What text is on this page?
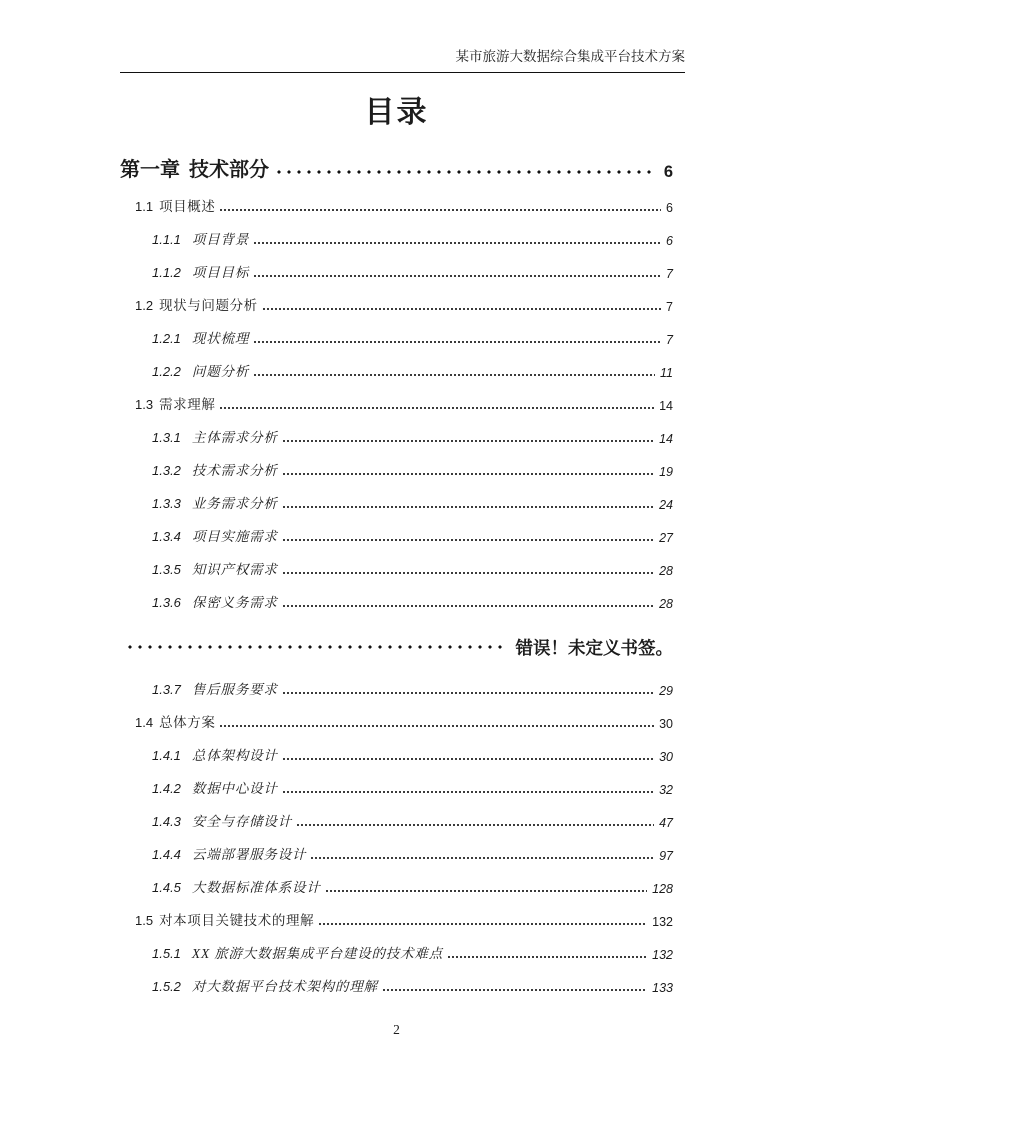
某市旅游大数据综合集成平台技术方案
目录
第一章 技术部分	6
1.1 项目概述	6
1.1.1 项目背景	6
1.1.2 项目目标	7
1.2 现状与问题分析	7
1.2.1 现状梳理	7
1.2.2 问题分析	11
1.3 需求理解	14
1.3.1 主体需求分析	14
1.3.2 技术需求分析	19
1.3.3 业务需求分析	24
1.3.4 项目实施需求	27
1.3.5 知识产权需求	28
1.3.6 保密义务需求	28
错误！未定义书签。
1.3.7 售后服务要求	29
1.4 总体方案	30
1.4.1 总体架构设计	30
1.4.2 数据中心设计	32
1.4.3 安全与存储设计	47
1.4.4 云端部署服务设计	97
1.4.5 大数据标准体系设计	128
1.5 对本项目关键技术的理解	132
1.5.1 XX 旅游大数据集成平台建设的技术难点	132
1.5.2 对大数据平台技术架构的理解	133
2
